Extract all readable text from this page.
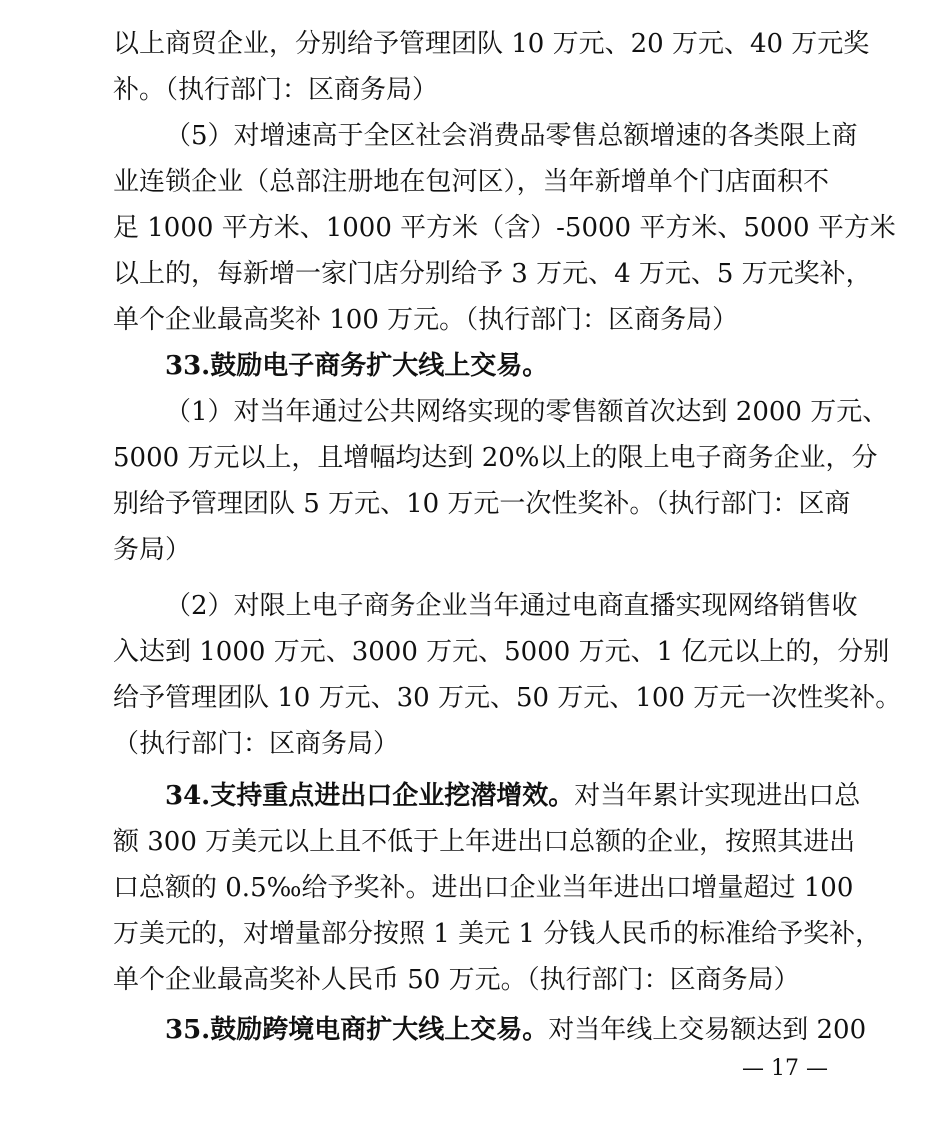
以上商贸企业，分别给予管理团队 10 万元、20 万元、40 万元奖
补。（执行部门：区商务局）
（5）对增速高于全区社会消费品零售总额增速的各类限上商
业连锁企业（总部注册地在包河区），当年新增单个门店面积不
足 1000 平方米、1000 平方米（含）-5000 平方米、5000 平方米
以上的，每新增一家门店分别给予 3 万元、4 万元、5 万元奖补，
单个企业最高奖补 100 万元。（执行部门：区商务局）
33.鼓励电子商务扩大线上交易。
（1）对当年通过公共网络实现的零售额首次达到 2000 万元、
5000 万元以上，且增幅均达到 20%以上的限上电子商务企业，分
别给予管理团队 5 万元、10 万元一次性奖补。（执行部门：区商
务局）
（2）对限上电子商务企业当年通过电商直播实现网络销售收
入达到 1000 万元、3000 万元、5000 万元、1 亿元以上的，分别
给予管理团队 10 万元、30 万元、50 万元、100 万元一次性奖补。
（执行部门：区商务局）
34.支持重点进出口企业挖潜增效。对当年累计实现进出口总
额 300 万美元以上且不低于上年进出口总额的企业，按照其进出
口总额的 0.5‰给予奖补。进出口企业当年进出口增量超过 100
万美元的，对增量部分按照 1 美元 1 分钱人民币的标准给予奖补，
单个企业最高奖补人民币 50 万元。（执行部门：区商务局）
35.鼓励跨境电商扩大线上交易。对当年线上交易额达到 200
— 17 —
